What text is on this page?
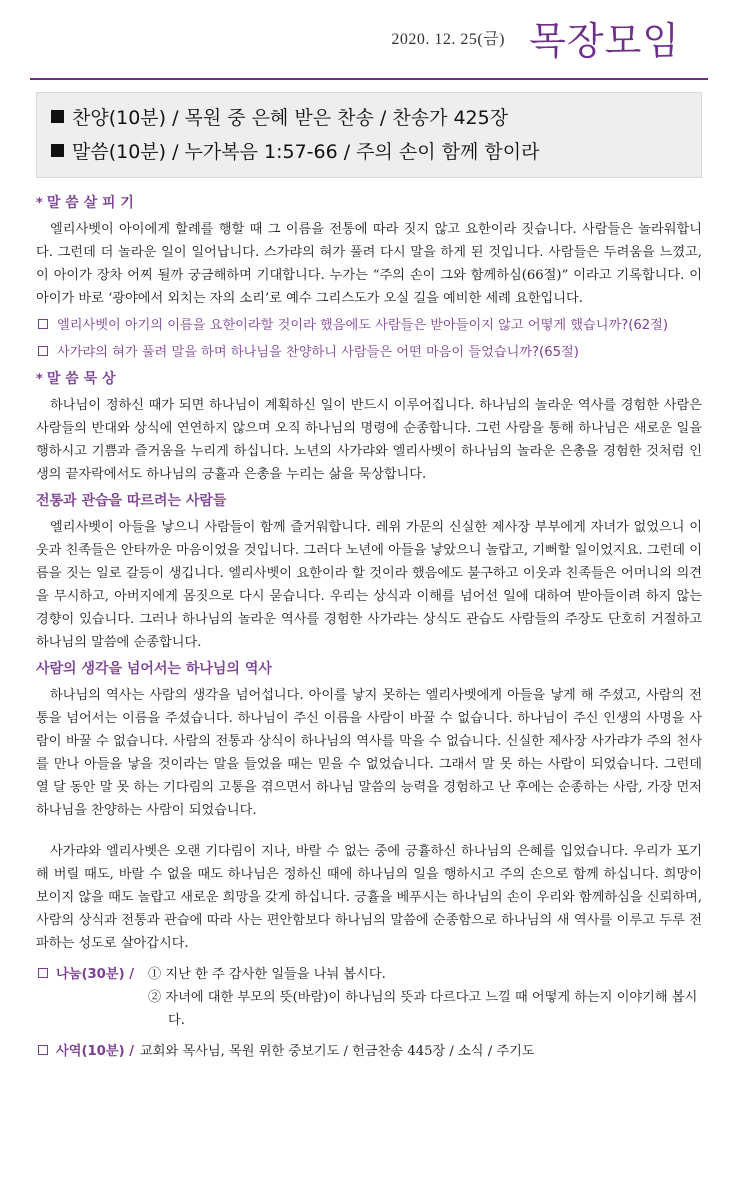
2020. 12. 25(금) 목장모임
찬양(10분) / 목원 중 은혜 받은 찬송 / 찬송가 425장
말씀(10분) / 누가복음 1:57-66 / 주의 손이 함께 함이라
* 말 씀 살 피 기

엘리사벳이 아이에게 할례를 행할 때 그 이름을 전통에 따라 짓지 않고 요한이라 짓습니다. 사람들은 놀라워합니다. 그런데 더 놀라운 일이 일어납니다. 스가랴의 혀가 풀려 다시 말을 하게 된 것입니다. 사람들은 두려움을 느꼈고, 이 아이가 장차 어찌 될까 궁금해하며 기대합니다. 누가는 “주의 손이 그와 함께하심(66절)” 이라고 기록합니다. 이 아이가 바로 ‘광야에서 외치는 자의 소리’로 예수 그리스도가 오실 길을 예비한 세례 요한입니다.

엘리사벳이 아기의 이름을 요한이라할 것이라 했음에도 사람들은 받아들이지 않고 어떻게 했습니까?(62절)
사가랴의 혀가 풀려 말을 하며 하나님을 찬양하니 사람들은 어떤 마음이 들었습니까?(65절)
* 말 씀 묵 상

하나님이 정하신 때가 되면 하나님이 계획하신 일이 반드시 이루어집니다. 하나님의 놀라운 역사를 경험한 사람은 사람들의 반대와 상식에 연연하지 않으며 오직 하나님의 명령에 순종합니다. 그런 사람을 통해 하나님은 새로운 일을 행하시고 기쁨과 즐거움을 누리게 하십니다. 노년의 사가랴와 엘리사벳이 하나님의 놀라운 은총을 경험한 것처럼 인생의 끝자락에서도 하나님의 긍휼과 은총을 누리는 삶을 묵상합니다.

전통과 관습을 따르려는 사람들

엘리사벳이 아들을 낳으니 사람들이 함께 즐거워합니다. 레위 가문의 신실한 제사장 부부에게 자녀가 없었으니 이웃과 친족들은 안타까운 마음이었을 것입니다. 그러다 노년에 아들을 낳았으니 놀랍고, 기뻐할 일이었지요. 그런데 이름을 짓는 일로 갈등이 생깁니다. 엘리사벳이 요한이라 할 것이라 했음에도 불구하고 이웃과 친족들은 어머니의 의견을 무시하고, 아버지에게 몸짓으로 다시 묻습니다. 우리는 상식과 이해를 넘어선 일에 대하여 받아들이려 하지 않는 경향이 있습니다. 그러나 하나님의 놀라운 역사를 경험한 사가랴는 상식도 관습도 사람들의 주장도 단호히 거절하고 하나님의 말씀에 순종합니다.

사람의 생각을 넘어서는 하나님의 역사

하나님의 역사는 사람의 생각을 넘어섭니다. 아이를 낳지 못하는 엘리사벳에게 아들을 낳게 해 주셨고, 사람의 전통을 넘어서는 이름을 주셨습니다. 하나님이 주신 이름을 사람이 바꿀 수 없습니다. 하나님이 주신 인생의 사명을 사람이 바꿀 수 없습니다. 사람의 전통과 상식이 하나님의 역사를 막을 수 없습니다. 신실한 제사장 사가랴가 주의 천사를 만나 아들을 낳을 것이라는 말을 들었을 때는 믿을 수 없었습니다. 그래서 말 못 하는 사람이 되었습니다. 그런데 열 달 동안 말 못 하는 기다림의 고통을 겪으면서 하나님 말씀의 능력을 경험하고 난 후에는 순종하는 사람, 가장 먼저 하나님을 찬양하는 사람이 되었습니다.

사가랴와 엘리사벳은 오랜 기다림이 지나, 바랄 수 없는 중에 긍휼하신 하나님의 은혜를 입었습니다. 우리가 포기해 버릴 때도, 바랄 수 없을 때도 하나님은 정하신 때에 하나님의 일을 행하시고 주의 손으로 함께 하십니다. 희망이 보이지 않을 때도 놀랍고 새로운 희망을 갖게 하십니다. 긍휼을 베푸시는 하나님의 손이 우리와 함께하심을 신뢰하며, 사람의 상식과 전통과 관습에 따라 사는 편안함보다 하나님의 말씀에 순종함으로 하나님의 새 역사를 이루고 두루 전파하는 성도로 살아갑시다.

나눔(30분) /	① 지난 한 주 감사한 일들을 나눠 봅시다.
② 자녀에 대한 부모의 뜻(바람)이 하나님의 뜻과 다르다고 느낄 때 어떻게 하는지 이야기해 봅시다.
사역(10분) / 교회와 목사님, 목원 위한 중보기도 / 헌금찬송 445장 / 소식 / 주기도
